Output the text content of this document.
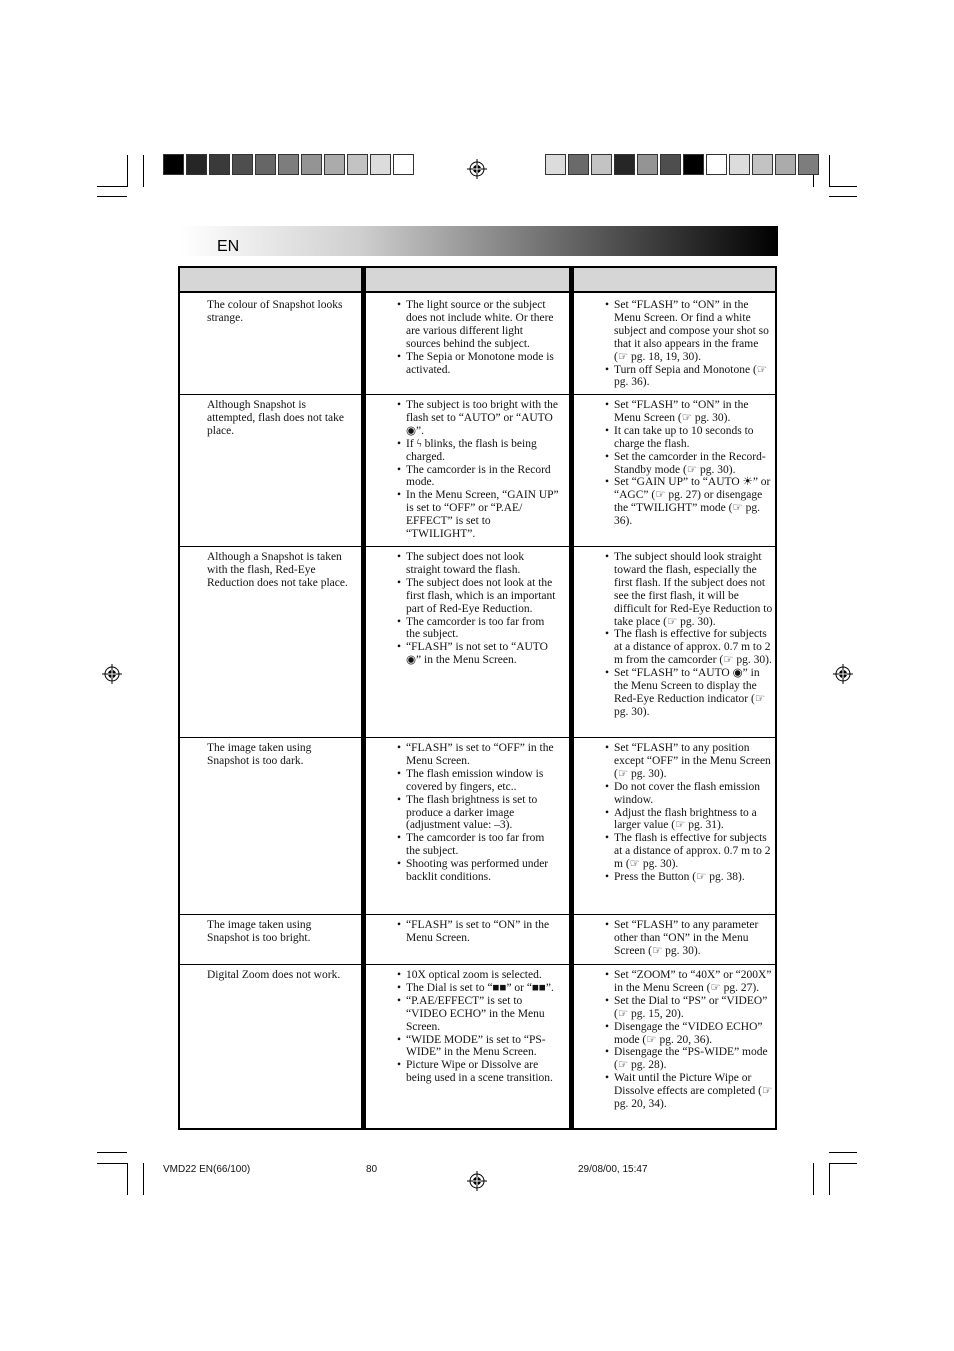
EN
The colour of Snapshot looks strange.
• The light source or the subject does not include white. Or there are various different light sources behind the subject.
• The Sepia or Monotone mode is activated.
• Set “FLASH” to “ON” in the Menu Screen. Or find a white subject and compose your shot so that it also appears in the frame (☞ pg. 18, 19, 30).
• Turn off Sepia and Monotone (☞ pg. 36).
Although Snapshot is attempted, flash does not take place.
• The subject is too bright with the flash set to “AUTO” or “AUTO ◉”.
• If ϟ blinks, the flash is being charged.
• The camcorder is in the Record mode.
• In the Menu Screen, “GAIN UP” is set to “OFF” or “P.AE/ EFFECT” is set to “TWILIGHT”.
• Set “FLASH” to “ON” in the Menu Screen (☞ pg. 30).
• It can take up to 10 seconds to charge the flash.
• Set the camcorder in the Record-Standby mode (☞ pg. 30).
• Set “GAIN UP” to “AUTO ☀” or “AGC” (☞ pg. 27) or disengage the “TWILIGHT” mode (☞ pg. 36).
Although a Snapshot is taken with the flash, Red-Eye Reduction does not take place.
• The subject does not look straight toward the flash.
• The subject does not look at the first flash, which is an important part of Red-Eye Reduction.
• The camcorder is too far from the subject.
• “FLASH” is not set to “AUTO ◉” in the Menu Screen.
• The subject should look straight toward the flash, especially the first flash. If the subject does not see the first flash, it will be difficult for Red-Eye Reduction to take place (☞ pg. 30).
• The flash is effective for subjects at a distance of approx. 0.7 m to 2 m from the camcorder (☞ pg. 30).
• Set “FLASH” to “AUTO ◉” in the Menu Screen to display the Red-Eye Reduction indicator (☞ pg. 30).
The image taken using Snapshot is too dark.
• “FLASH” is set to “OFF” in the Menu Screen.
• The flash emission window is covered by fingers, etc..
• The flash brightness is set to produce a darker image (adjustment value: –3).
• The camcorder is too far from the subject.
• Shooting was performed under backlit conditions.
• Set “FLASH” to any position except “OFF” in the Menu Screen (☞ pg. 30).
• Do not cover the flash emission window.
• Adjust the flash brightness to a larger value (☞ pg. 31).
• The flash is effective for subjects at a distance of approx. 0.7 m to 2 m (☞ pg. 30).
• Press the Button (☞ pg. 38).
The image taken using Snapshot is too bright.
• “FLASH” is set to “ON” in the Menu Screen.
• Set “FLASH” to any parameter other than “ON” in the Menu Screen (☞ pg. 30).
Digital Zoom does not work.
•	10X optical zoom is selected.
• The Dial is set to “■■” or “■■”.
• “P.AE/EFFECT” is set to “VIDEO ECHO” in the Menu Screen.
• “WIDE MODE” is set to “PS-WIDE” in the Menu Screen.
• Picture Wipe or Dissolve are being used in a scene transition.
• Set “ZOOM” to “40X” or “200X” in the Menu Screen (☞ pg. 27).
• Set the Dial to “PS” or “VIDEO” (☞ pg. 15, 20).
• Disengage the “VIDEO ECHO” mode (☞ pg. 20, 36).
• Disengage the “PS-WIDE” mode (☞ pg. 28).
• Wait until the Picture Wipe or Dissolve effects are completed (☞ pg. 20, 34).
VMD22 EN(66/100)	80	29/08/00, 15:47
